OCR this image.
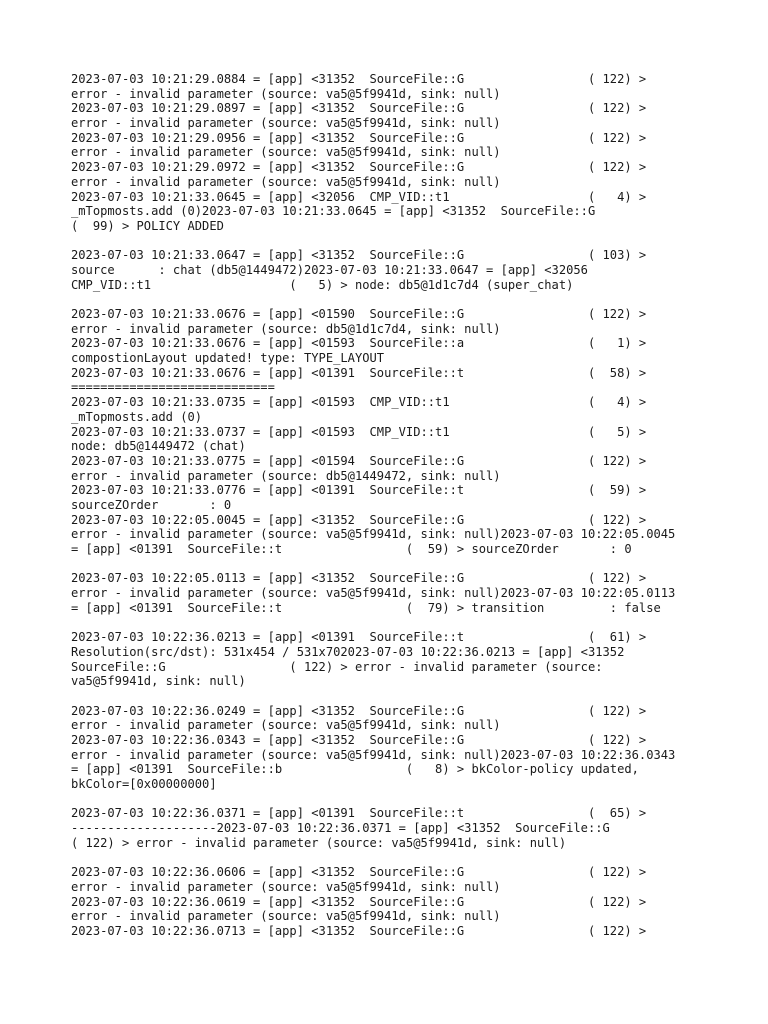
2023-07-03 10:21:29.0884 = [app] <31352  SourceFile::G                 ( 122) >
error - invalid parameter (source: va5@5f9941d, sink: null)
2023-07-03 10:21:29.0897 = [app] <31352  SourceFile::G                 ( 122) >
error - invalid parameter (source: va5@5f9941d, sink: null)
2023-07-03 10:21:29.0956 = [app] <31352  SourceFile::G                 ( 122) >
error - invalid parameter (source: va5@5f9941d, sink: null)
2023-07-03 10:21:29.0972 = [app] <31352  SourceFile::G                 ( 122) >
error - invalid parameter (source: va5@5f9941d, sink: null)
2023-07-03 10:21:33.0645 = [app] <32056  CMP_VID::t1                   (   4) >
_mTopmosts.add (0)2023-07-03 10:21:33.0645 = [app] <31352  SourceFile::G
(  99) > POLICY ADDED
2023-07-03 10:21:33.0647 = [app] <31352  SourceFile::G                 ( 103) >
source      : chat (db5@1449472)2023-07-03 10:21:33.0647 = [app] <32056
CMP_VID::t1                   (   5) > node: db5@1d1c7d4 (super_chat)
2023-07-03 10:21:33.0676 = [app] <01590  SourceFile::G                 ( 122) >
error - invalid parameter (source: db5@1d1c7d4, sink: null)
2023-07-03 10:21:33.0676 = [app] <01593  SourceFile::a                 (   1) >
compostionLayout updated! type: TYPE_LAYOUT
2023-07-03 10:21:33.0676 = [app] <01391  SourceFile::t                 (  58) >
============================
2023-07-03 10:21:33.0735 = [app] <01593  CMP_VID::t1                   (   4) >
_mTopmosts.add (0)
2023-07-03 10:21:33.0737 = [app] <01593  CMP_VID::t1                   (   5) >
node: db5@1449472 (chat)
2023-07-03 10:21:33.0775 = [app] <01594  SourceFile::G                 ( 122) >
error - invalid parameter (source: db5@1449472, sink: null)
2023-07-03 10:21:33.0776 = [app] <01391  SourceFile::t                 (  59) >
sourceZOrder       : 0
2023-07-03 10:22:05.0045 = [app] <31352  SourceFile::G                 ( 122) >
error - invalid parameter (source: va5@5f9941d, sink: null)2023-07-03 10:22:05.0045
= [app] <01391  SourceFile::t                 (  59) > sourceZOrder       : 0
2023-07-03 10:22:05.0113 = [app] <31352  SourceFile::G                 ( 122) >
error - invalid parameter (source: va5@5f9941d, sink: null)2023-07-03 10:22:05.0113
= [app] <01391  SourceFile::t                 (  79) > transition         : false
2023-07-03 10:22:36.0213 = [app] <01391  SourceFile::t                 (  61) >
Resolution(src/dst): 531x454 / 531x702023-07-03 10:22:36.0213 = [app] <31352
SourceFile::G                 ( 122) > error - invalid parameter (source:
va5@5f9941d, sink: null)
2023-07-03 10:22:36.0249 = [app] <31352  SourceFile::G                 ( 122) >
error - invalid parameter (source: va5@5f9941d, sink: null)
2023-07-03 10:22:36.0343 = [app] <31352  SourceFile::G                 ( 122) >
error - invalid parameter (source: va5@5f9941d, sink: null)2023-07-03 10:22:36.0343
= [app] <01391  SourceFile::b                 (   8) > bkColor-policy updated,
bkColor=[0x00000000]
2023-07-03 10:22:36.0371 = [app] <01391  SourceFile::t                 (  65) >
--------------------2023-07-03 10:22:36.0371 = [app] <31352  SourceFile::G
( 122) > error - invalid parameter (source: va5@5f9941d, sink: null)
2023-07-03 10:22:36.0606 = [app] <31352  SourceFile::G                 ( 122) >
error - invalid parameter (source: va5@5f9941d, sink: null)
2023-07-03 10:22:36.0619 = [app] <31352  SourceFile::G                 ( 122) >
error - invalid parameter (source: va5@5f9941d, sink: null)
2023-07-03 10:22:36.0713 = [app] <31352  SourceFile::G                 ( 122) >
